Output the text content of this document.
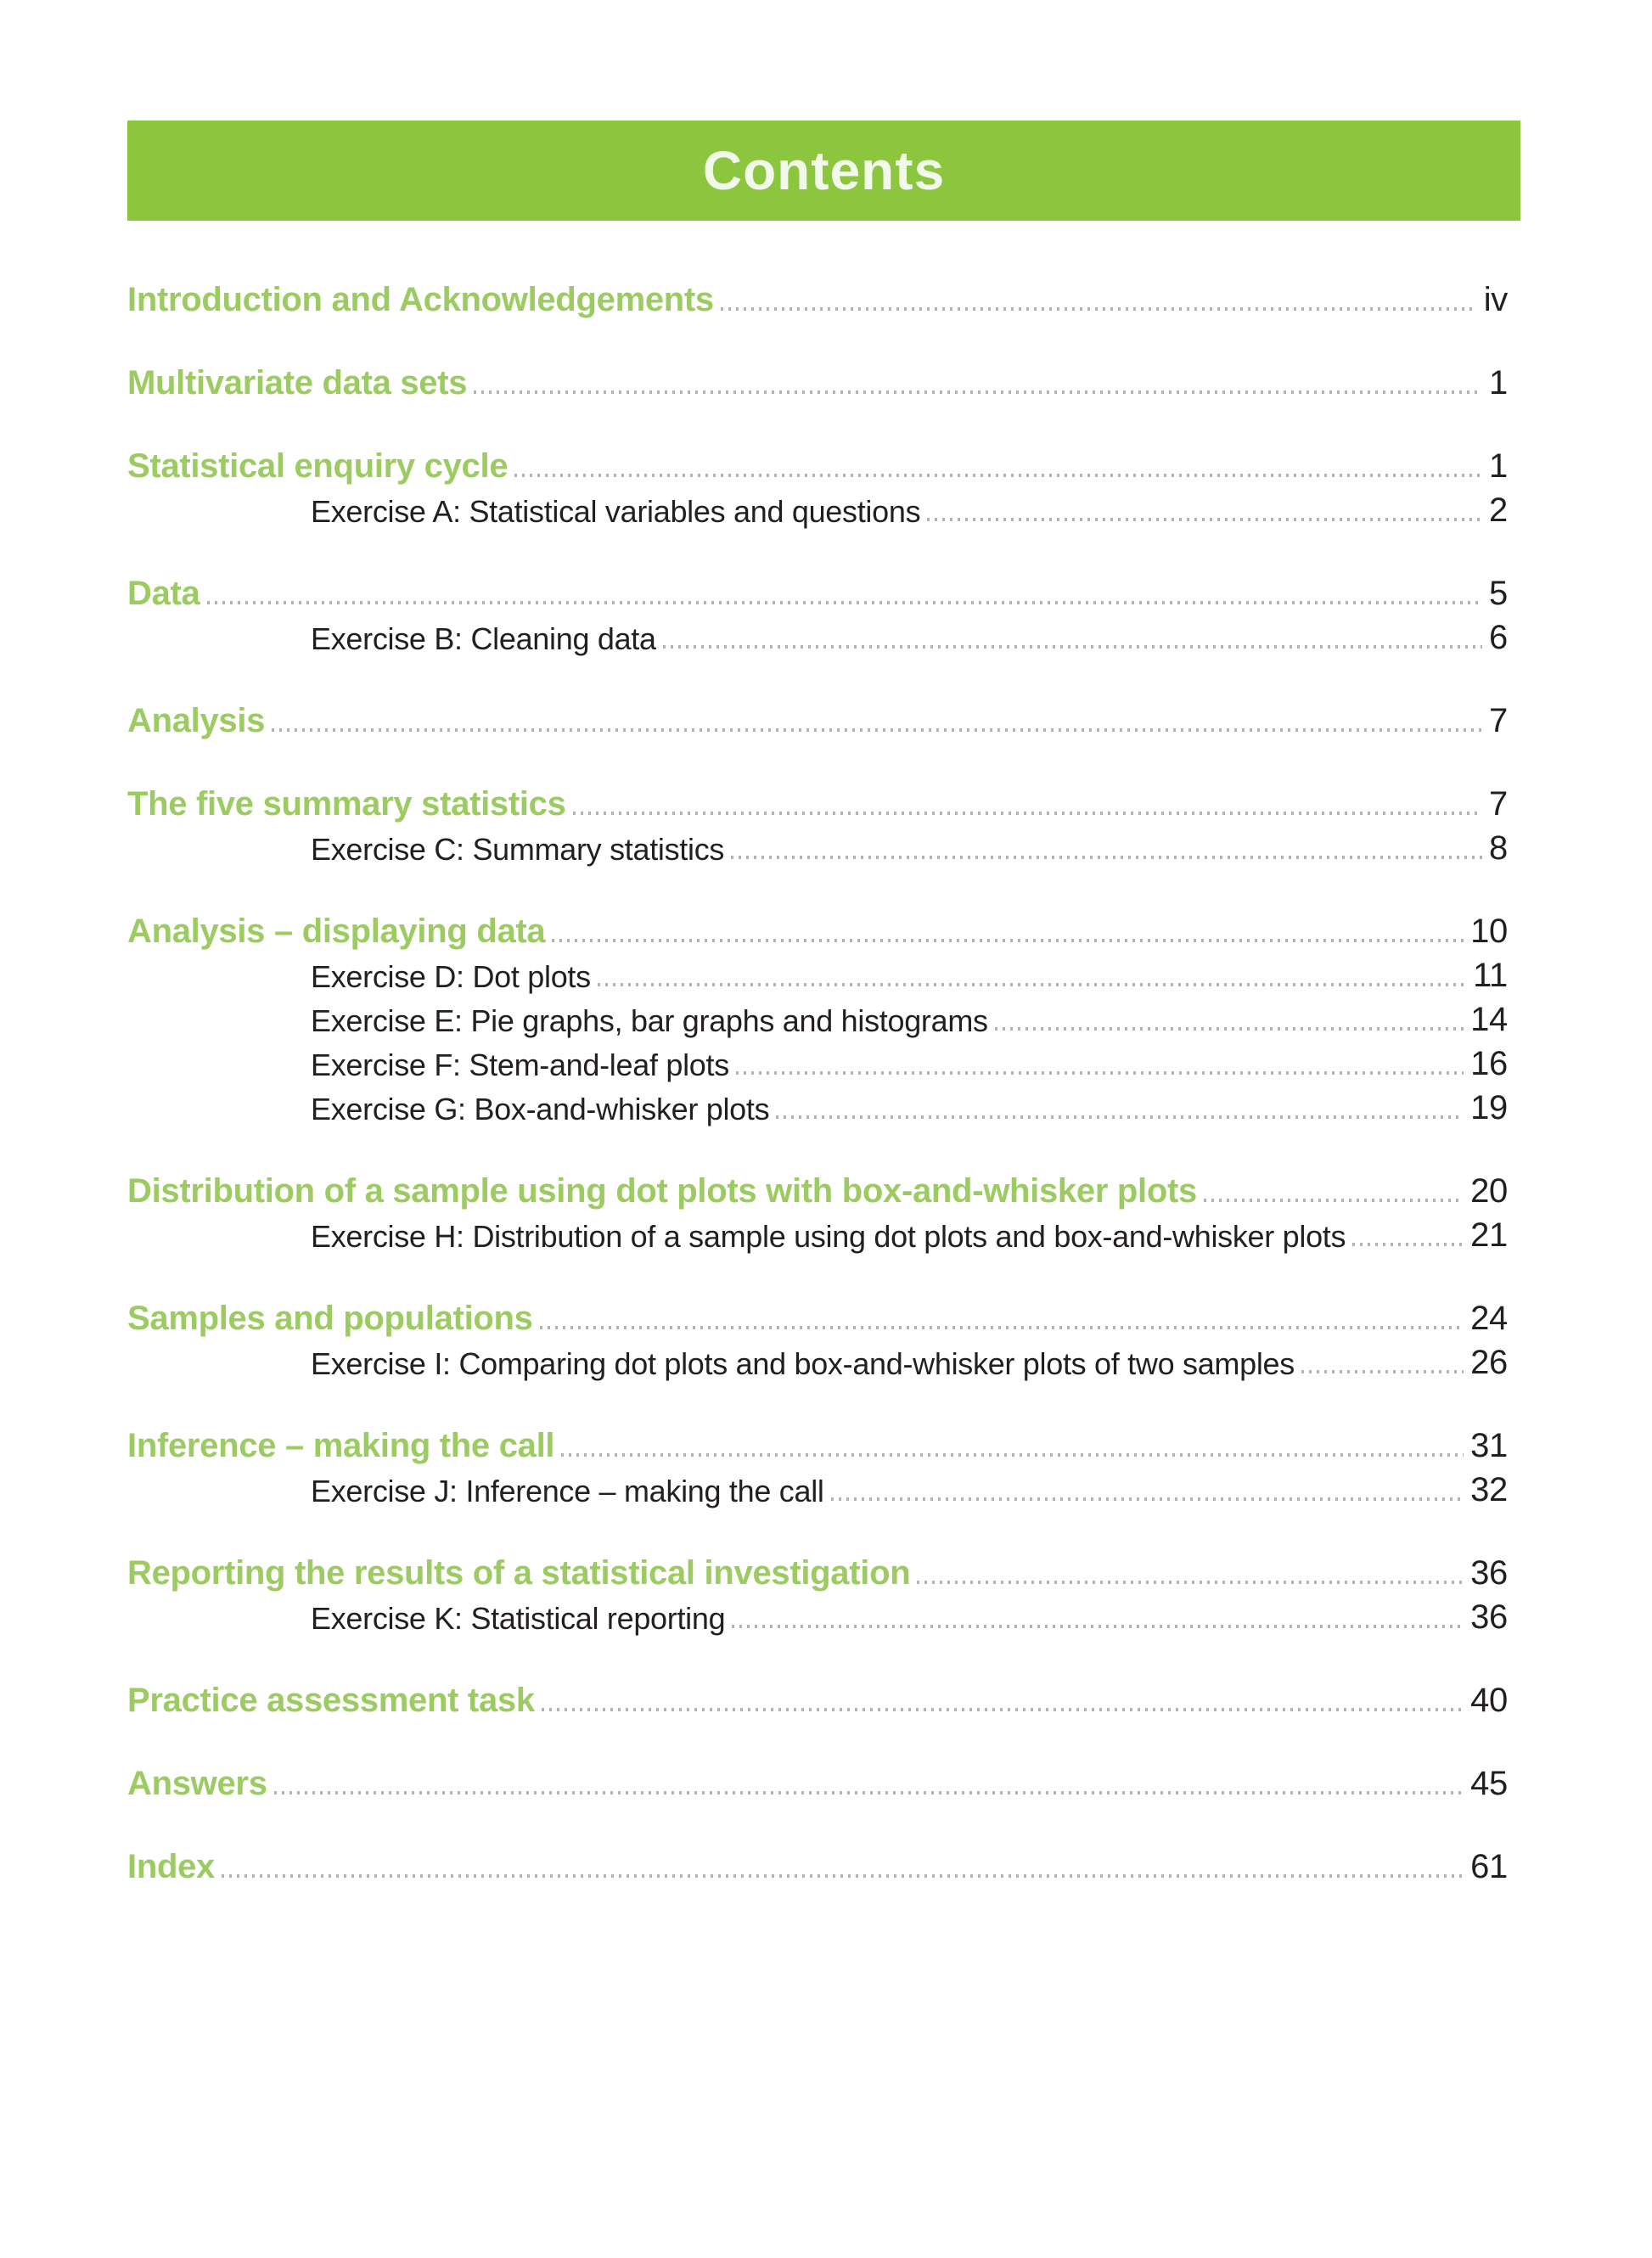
Contents
Introduction and Acknowledgements	iv
Multivariate data sets	1
Statistical enquiry cycle	1
Exercise A: Statistical variables and questions	2
Data	5
Exercise B: Cleaning data	6
Analysis	7
The five summary statistics	7
Exercise C: Summary statistics	8
Analysis – displaying data	10
Exercise D: Dot plots	11
Exercise E: Pie graphs, bar graphs and histograms	14
Exercise F: Stem-and-leaf plots	16
Exercise G: Box-and-whisker plots	19
Distribution of a sample using dot plots with box-and-whisker plots	20
Exercise H: Distribution of a sample using dot plots and box-and-whisker plots	21
Samples and populations	24
Exercise I: Comparing dot plots and box-and-whisker plots of two samples	26
Inference – making the call	31
Exercise J: Inference – making the call	32
Reporting the results of a statistical investigation	36
Exercise K: Statistical reporting	36
Practice assessment task	40
Answers	45
Index	61
